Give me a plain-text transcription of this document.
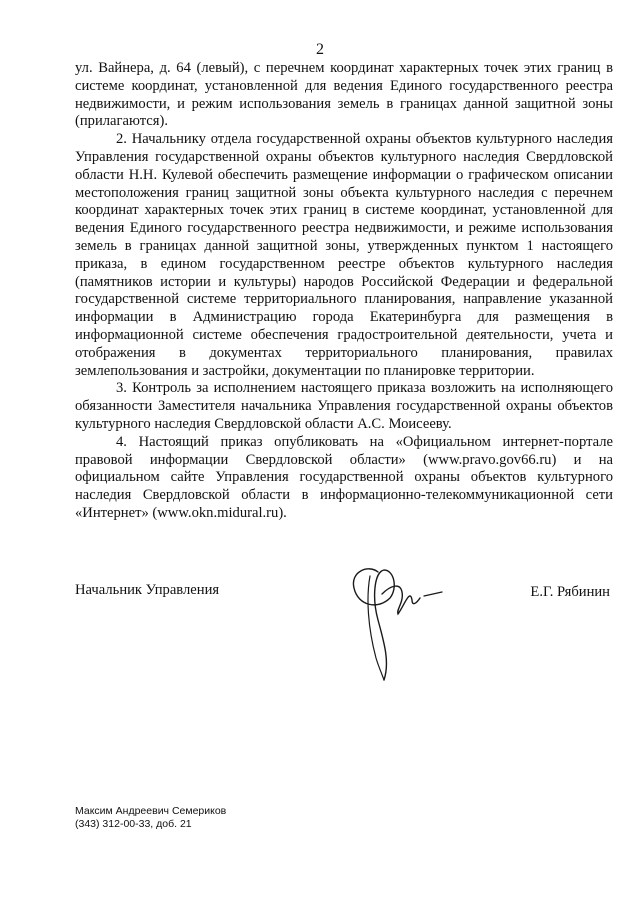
2

ул. Вайнера, д. 64 (левый), с перечнем координат характерных точек этих границ в системе координат, установленной для ведения Единого государственного реестра недвижимости, и режим использования земель в границах данной защитной зоны (прилагаются).

2. Начальнику отдела государственной охраны объектов культурного наследия Управления государственной охраны объектов культурного наследия Свердловской области Н.Н. Кулевой обеспечить размещение информации о графическом описании местоположения границ защитной зоны объекта культурного наследия с перечнем координат характерных точек этих границ в системе координат, установленной для ведения Единого государственного реестра недвижимости, и режиме использования земель в границах данной защитной зоны, утвержденных пунктом 1 настоящего приказа, в едином государственном реестре объектов культурного наследия (памятников истории и культуры) народов Российской Федерации и федеральной государственной системе территориального планирования, направление указанной информации в Администрацию города Екатеринбурга для размещения в информационной системе обеспечения градостроительной деятельности, учета и отображения в документах территориального планирования, правилах землепользования и застройки, документации по планировке территории.

3. Контроль за исполнением настоящего приказа возложить на исполняющего обязанности Заместителя начальника Управления государственной охраны объектов культурного наследия Свердловской области А.С. Моисееву.

4. Настоящий приказ опубликовать на «Официальном интернет-портале правовой информации Свердловской области» (www.pravo.gov66.ru) и на официальном сайте Управления государственной охраны объектов культурного наследия Свердловской области в информационно-телекоммуникационной сети «Интернет» (www.okn.midural.ru).

Начальник Управления	Е.Г. Рябинин
Максим Андреевич Семериков
(343) 312-00-33, доб. 21
